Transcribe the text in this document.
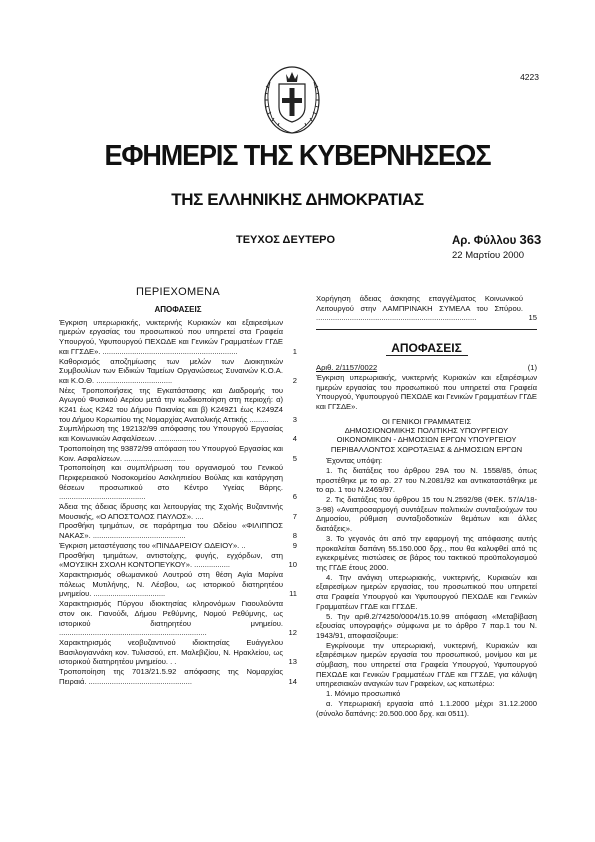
4223
ΕΦΗΜΕΡΙΣ ΤΗΣ ΚΥΒΕΡΝΗΣΕΩΣ
ΤΗΣ ΕΛΛΗΝΙΚΗΣ ΔΗΜΟΚΡΑΤΙΑΣ
ΤΕΥΧΟΣ ΔΕΥΤΕΡΟ	Αρ. Φύλλου 363
22 Μαρτίου 2000
ΠΕΡΙΕΧΟΜΕΝΑ
ΑΠΟΦΑΣΕΙΣ
Έγκριση υπερωριακής, νυκτερινής Κυριακών και εξαιρεσίμων ημερών εργασίας του προσωπικού που υπηρετεί στα Γραφεία Υπουργού, Υφυπουργού ΠΕΧΩΔΕ και Γενικών Γραμματέων ΓΓΔΕ και ΓΓΣΔΕ». ................................................................	1
Καθορισμός αποζημίωσης των μελών των Διοικητικών Συμβουλίων των Ειδικών Ταμείων Οργανώσεως Συναινών Κ.Ο.Α. και Κ.Ο.Θ. ....................................	2
Νέες Τροποποιήσεις της Εγκατάστασης και Διαδρομής του Αγωγού Φυσικού Αερίου μετά την κωδικοποίηση στη περιοχή: α) Κ241 έως Κ242 του Δήμου Παιανίας και β) Κ249Ζ1 έως Κ249Ζ4 του Δήμου Κορωπίου της Νομαρχίας Ανατολικής Αττικής .........	3
Συμπλήρωση της 192132/99 απόφασης του Υπουργού Εργασίας και Κοινωνικών Ασφαλίσεων. ..................	4
Τροποποίηση της 93872/99 απόφαση του Υπουργού Εργασίας και Κοιν. Ασφαλίσεων. .............................	5
Τροποποίηση και συμπλήρωση του οργανισμού του Γενικού Περιφερειακού Νοσοκομείου Ασκληπιείου Βούλας και κατάργηση θέσεων προσωπικού στο Κέντρο Υγείας Βάρης. .........................................	6
Άδεια της άδειας ίδρυσης και λειτουργίας της Σχολής Βυζαντινής Μουσικής, «Ο ΑΠΟΣΤΟΛΟΣ ΠΑΥΛΟΣ». ....	7
Προσθήκη τμημάτων, σε παράρτημα του Ωδείου «ΦΙΛΙΠΠΟΣ ΝΑΚΑΣ». ............................................	8
Έγκριση μεταστέγασης του «ΠΙΝΔΑΡΕΙΟΥ ΩΔΕΙΟΥ». ..	9
Προσθήκη τμημάτων, αντιστοίχης, φυγής, εγχόρδων, στη «ΜΟΥΣΙΚΗ ΣΧΟΛΗ ΚΟΝΤΟΠΕΥΚΟΥ». .................	10
Χαρακτηρισμός οθωμανικού Λουτρού στη θέση Αγία Μαρίνα πόλεως Μυτιλήνης, Ν. Λέσβου, ως ιστορικού διατηρητέου μνημείου. ..................................	11
Χαρακτηρισμός Πύργου ιδιοκτησίας κληρονόμων Γιαουλούντα στον οικ. Γιανούδι, Δήμου Ρεθύμνης, Νομού Ρεθύμνης, ως ιστορικού διατηρητέου μνημείου. ......................................................................	12
Χαρακτηρισμός νεοβυζαντινού ιδιοκτησίας Ευάγγελου Βασιλογιαννάκη κον. Τυλισσού, επ. Μαλεβιζίου, Ν. Ηρακλείου, ως ιστορικού διατηρητέου μνημείου. . .	13
Τροποποίηση της 7013/21.5.92 απόφασης της Νομαρχίας Πειραιά. .................................................	14
Χορήγηση άδειας άσκησης επαγγέλματος Κοινωνικού Λειτουργού στην ΛΑΜΠΡΙΝΑΚΗ ΣΥΜΕΛΑ του Σπύρου. ............................................................................	15
ΑΠΟΦΑΣΕΙΣ
Αριθ. 2/1157/0022	(1)
Έγκριση υπερωριακής, νυκτερινής Κυριακών και εξαιρέσιμων ημερών εργασίας του προσωπικού που υπηρετεί στα Γραφεία Υπουργού, Υφυπουργού ΠΕΧΩΔΕ και Γενικών Γραμματέων ΓΓΔΕ και ΓΓΣΔΕ».
ΟΙ ΓΕΝΙΚΟΙ ΓΡΑΜΜΑΤΕΙΣ
ΔΗΜΟΣΙΟΝΟΜΙΚΗΣ ΠΟΛΙΤΙΚΗΣ ΥΠΟΥΡΓΕΙΟΥ
ΟΙΚΟΝΟΜΙΚΩΝ - ΔΗΜΟΣΙΩΝ ΕΡΓΩΝ ΥΠΟΥΡΓΕΙΟΥ
ΠΕΡΙΒΑΛΛΟΝΤΟΣ ΧΩΡΟΤΑΞΙΑΣ & ΔΗΜΟΣΙΩΝ ΕΡΓΩΝ
Έχοντας υπόψη:
1. Τις διατάξεις του άρθρου 29Α του Ν. 1558/85, όπως προστέθηκε με το αρ. 27 του Ν.2081/92 και αντικαταστάθηκε με το αρ. 1 του Ν.2469/97.
2. Τις διατάξεις του άρθρου 15 του Ν.2592/98 (ΦΕΚ. 57/Α/18-3-98) «Αναπροσαρμογή συντάξεων πολιτικών συνταξιούχων του Δημοσίου, ρύθμιση συνταξιοδοτικών θεμάτων και άλλες διατάξεις».
3. Το γεγονός ότι από την εφαρμογή της απόφασης αυτής προκαλείται δαπάνη 55.150.000 δρχ., που θα καλυφθεί από τις εγκεκριμένες πιστώσεις σε βάρος του τακτικού προϋπολογισμού της ΓΓΔΕ έτους 2000.
4. Την ανάγκη υπερωριακής, νυκτερινής, Κυριακών και εξαιρεσίμων ημερών εργασίας, του προσωπικού που υπηρετεί στα Γραφεία Υπουργού και Υφυπουργού ΠΕΧΩΔΕ και Γενικών Γραμματέων ΓΓΔΕ και ΓΓΣΔΕ.
5. Την αριθ.2/74250/0004/15.10.99 απόφαση «Μεταβίβαση εξουσίας υπογραφής» σύμφωνα με το άρθρο 7 παρ.1 του Ν. 1943/91, αποφασίζουμε:
Εγκρίνουμε την υπερωριακή, νυκτερινή, Κυριακών και εξαιρέσιμων ημερών εργασία του προσωπικού, μονίμου και με σύμβαση, που υπηρετεί στα Γραφεία Υπουργού, Υφυπουργού ΠΕΧΩΔΕ και Γενικών Γραμματέων ΓΓΔΕ και ΓΓΣΔΕ, για κάλυψη υπηρεσιακών αναγκών των Γραφείων, ως κατωτέρω:
1. Μόνιμο προσωπικό
α. Υπερωριακή εργασία από 1.1.2000 μέχρι 31.12.2000 (σύνολο δαπάνης: 20.500.000 δρχ. και 0511).
